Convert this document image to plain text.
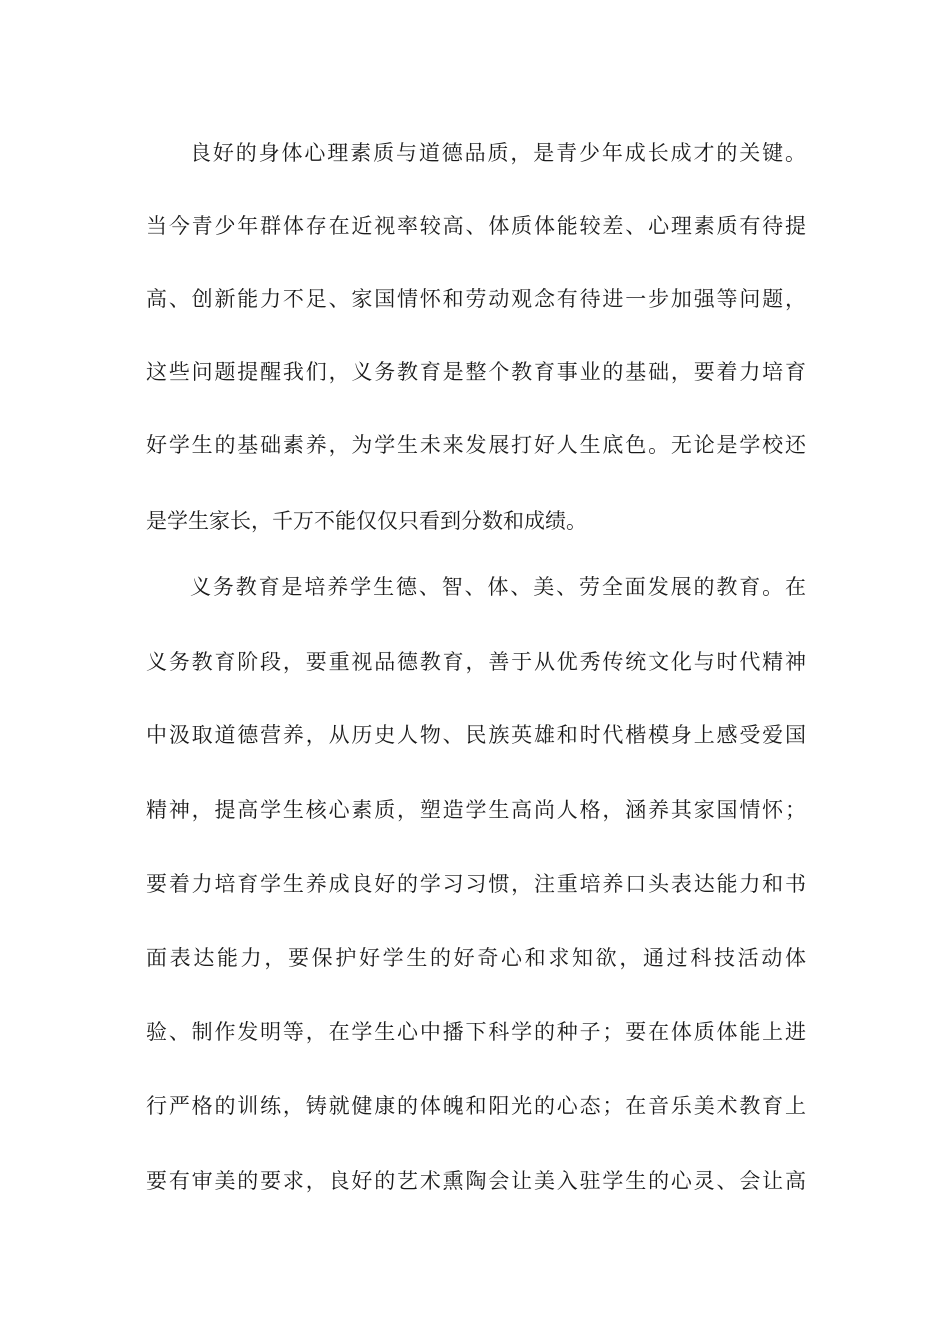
良好的身体心理素质与道德品质，是青少年成长成才的关键。

当今青少年群体存在近视率较高、体质体能较差、心理素质有待提

高、创新能力不足、家国情怀和劳动观念有待进一步加强等问题，

这些问题提醒我们，义务教育是整个教育事业的基础，要着力培育

好学生的基础素养，为学生未来发展打好人生底色。无论是学校还

是学生家长，千万不能仅仅只看到分数和成绩。

义务教育是培养学生德、智、体、美、劳全面发展的教育。在

义务教育阶段，要重视品德教育，善于从优秀传统文化与时代精神

中汲取道德营养，从历史人物、民族英雄和时代楷模身上感受爱国

精神，提高学生核心素质，塑造学生高尚人格，涵养其家国情怀；

要着力培育学生养成良好的学习习惯，注重培养口头表达能力和书

面表达能力，要保护好学生的好奇心和求知欲，通过科技活动体

验、制作发明等，在学生心中播下科学的种子；要在体质体能上进

行严格的训练，铸就健康的体魄和阳光的心态；在音乐美术教育上

要有审美的要求，良好的艺术熏陶会让美入驻学生的心灵、会让高
